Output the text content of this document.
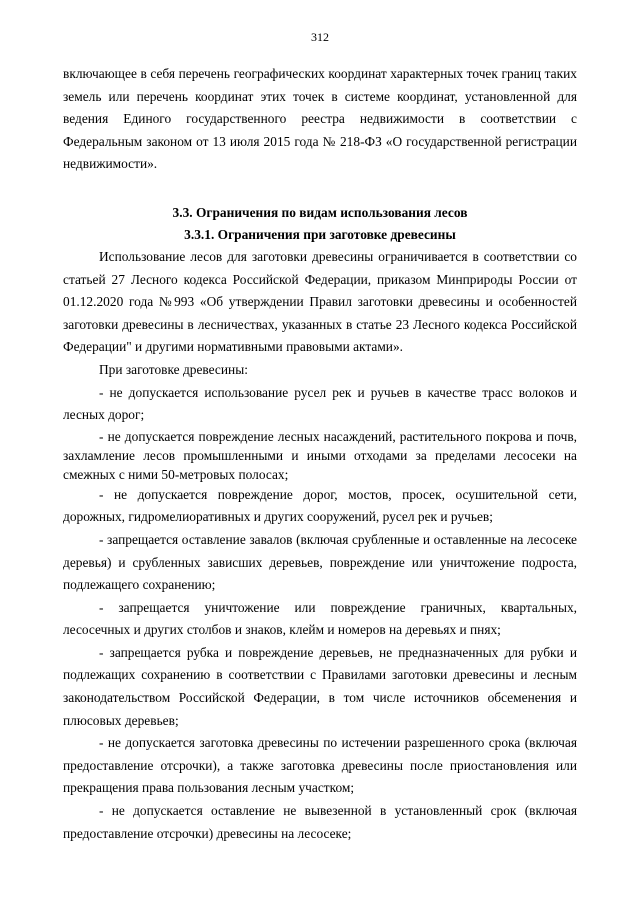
312

включающее в себя перечень географических координат характерных точек границ таких земель или перечень координат этих точек в системе координат, установленной для ведения Единого государственного реестра недвижимости в соответствии с Федеральным законом от 13 июля 2015 года № 218-ФЗ «О государственной регистрации недвижимости».

3.3. Ограничения по видам использования лесов

3.3.1. Ограничения при заготовке древесины

Использование лесов для заготовки древесины ограничивается в соответствии со статьей 27 Лесного кодекса Российской Федерации, приказом Минприроды России от 01.12.2020 года №993 «Об утверждении Правил заготовки древесины и особенностей заготовки древесины в лесничествах, указанных в статье 23 Лесного кодекса Российской Федерации" и другими нормативными правовыми актами».

При заготовке древесины:

- не допускается использование русел рек и ручьев в качестве трасс волоков и лесных дорог;

- не допускается повреждение лесных насаждений, растительного покрова и почв, захламление лесов промышленными и иными отходами за пределами лесосеки на смежных с ними 50-метровых полосах;

- не допускается повреждение дорог, мостов, просек, осушительной сети, дорожных, гидромелиоративных и других сооружений, русел рек и ручьев;

- запрещается оставление завалов (включая срубленные и оставленные на лесосеке деревья) и срубленных зависших деревьев, повреждение или уничтожение подроста, подлежащего сохранению;

- запрещается уничтожение или повреждение граничных, квартальных, лесосечных и других столбов и знаков, клейм и номеров на деревьях и пнях;

- запрещается рубка и повреждение деревьев, не предназначенных для рубки и подлежащих сохранению в соответствии с Правилами заготовки древесины и лесным законодательством Российской Федерации, в том числе источников обсеменения и плюсовых деревьев;

- не допускается заготовка древесины по истечении разрешенного срока (включая предоставление отсрочки), а также заготовка древесины после приостановления или прекращения права пользования лесным участком;

- не допускается оставление не вывезенной в установленный срок (включая предоставление отсрочки) древесины на лесосеке;
